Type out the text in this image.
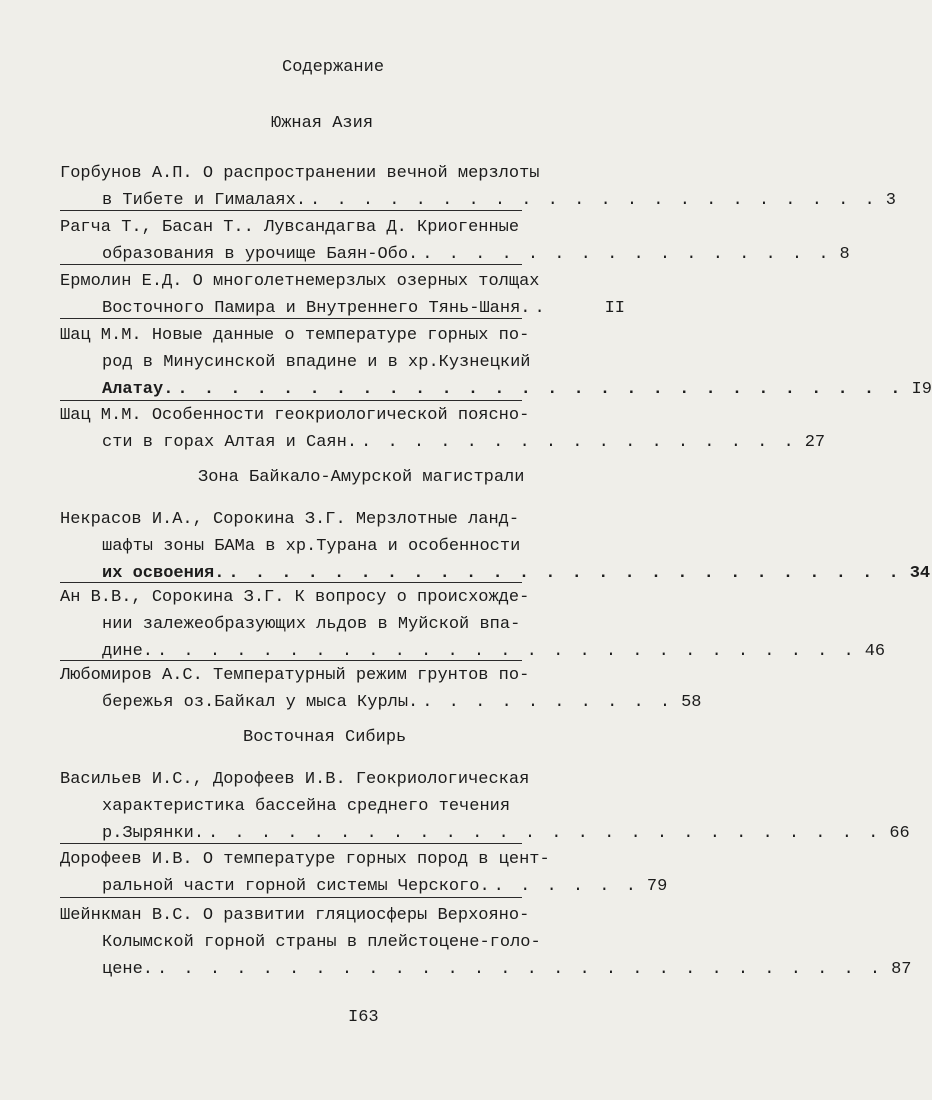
Содержание
Южная Азия
Горбунов А.П. О распространении вечной мерзлоты
в Тибете и Гималаях. . . . . . . . . . . . . . . . . . . . . . . 3
Рагча Т., Басан Т.. Лувсандагва Д. Криогенные
образования в урочище Баян-Обо. . . . . . . . . . . . . . . . . 8
Ермолин Е.Д. О многолетнемерзлых озерных толщах
Восточного Памира и Внутреннего Тянь-Шаня. .	II
Шац М.М. Новые данные о температуре горных по-
род в Минусинской впадине и в хр.Кузнецкий
Алатау. . . . . . . . . . . . . . . . . . . . . . . . . . . . . I9
Шац М.М. Особенности геокриологической поясно-
сти в горах Алтая и Саян. . . . . . . . . . . . . . . . . . 27
Зона Байкало-Амурской магистрали
Некрасов И.А., Сорокина З.Г. Мерзлотные ланд-
шафты зоны БАМа в хр.Турана и особенности
их освоения. . . . . . . . . . . . . . . . . . . . . . . . . . . 34
Ан В.В., Сорокина З.Г. К вопросу о происхожде-
нии залежеобразующих льдов в Муйской впа-
дине. . . . . . . . . . . . . . . . . . . . . . . . . . . . 46
Любомиров А.С. Температурный режим грунтов по-
бережья оз.Байкал у мыса Курлы. . . . . . . . . . . 58
Восточная Сибирь
Васильев И.С., Дорофеев И.В. Геокриологическая
характеристика бассейна среднего течения
р.Зырянки. . . . . . . . . . . . . . . . . . . . . . . . . . . 66
Дорофеев И.В. О температуре горных пород в цент-
ральной части горной системы Черского. . . . . . . 79
Шейнкман В.С. О развитии гляциосферы Верхояно-
Колымской горной страны в плейстоцене-голо-
цене. . . . . . . . . . . . . . . . . . . . . . . . . . . . . 87
I63
